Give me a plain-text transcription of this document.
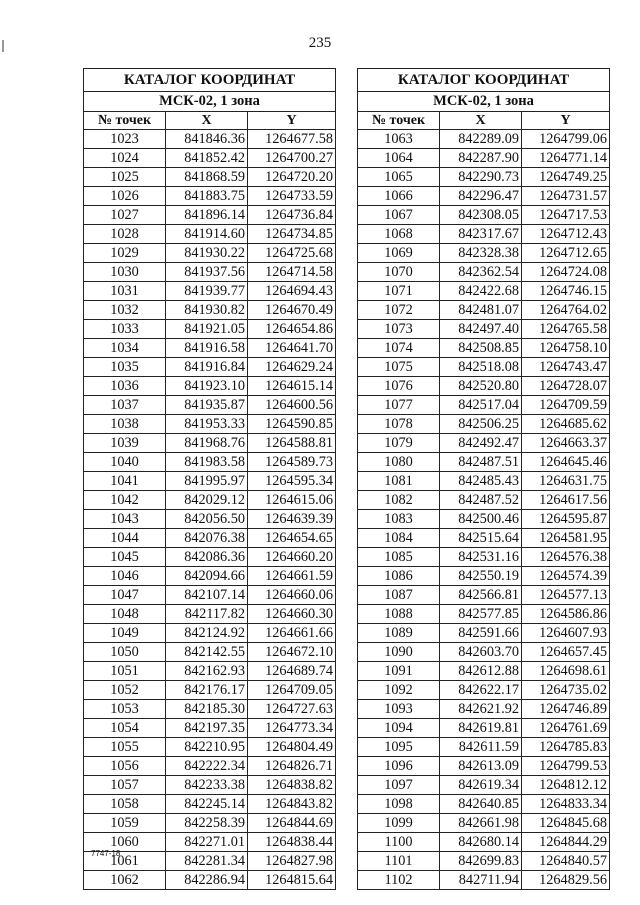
235
КАТАЛОГ КООРДИНАТ		
МСК-02, 1 зона		
№ точек	X	Y
1023	841846.36	1264677.58
1024	841852.42	1264700.27
1025	841868.59	1264720.20
1026	841883.75	1264733.59
1027	841896.14	1264736.84
1028	841914.60	1264734.85
1029	841930.22	1264725.68
1030	841937.56	1264714.58
1031	841939.77	1264694.43
1032	841930.82	1264670.49
1033	841921.05	1264654.86
1034	841916.58	1264641.70
1035	841916.84	1264629.24
1036	841923.10	1264615.14
1037	841935.87	1264600.56
1038	841953.33	1264590.85
1039	841968.76	1264588.81
1040	841983.58	1264589.73
1041	841995.97	1264595.34
1042	842029.12	1264615.06
1043	842056.50	1264639.39
1044	842076.38	1264654.65
1045	842086.36	1264660.20
1046	842094.66	1264661.59
1047	842107.14	1264660.06
1048	842117.82	1264660.30
1049	842124.92	1264661.66
1050	842142.55	1264672.10
1051	842162.93	1264689.74
1052	842176.17	1264709.05
1053	842185.30	1264727.63
1054	842197.35	1264773.34
1055	842210.95	1264804.49
1056	842222.34	1264826.71
1057	842233.38	1264838.82
1058	842245.14	1264843.82
1059	842258.39	1264844.69
1060	842271.01	1264838.44
1061	842281.34	1264827.98
1062	842286.94	1264815.64
КАТАЛОГ КООРДИНАТ		
МСК-02, 1 зона		
№ точек	X	Y
1063	842289.09	1264799.06
1064	842287.90	1264771.14
1065	842290.73	1264749.25
1066	842296.47	1264731.57
1067	842308.05	1264717.53
1068	842317.67	1264712.43
1069	842328.38	1264712.65
1070	842362.54	1264724.08
1071	842422.68	1264746.15
1072	842481.07	1264764.02
1073	842497.40	1264765.58
1074	842508.85	1264758.10
1075	842518.08	1264743.47
1076	842520.80	1264728.07
1077	842517.04	1264709.59
1078	842506.25	1264685.62
1079	842492.47	1264663.37
1080	842487.51	1264645.46
1081	842485.43	1264631.75
1082	842487.52	1264617.56
1083	842500.46	1264595.87
1084	842515.64	1264581.95
1085	842531.16	1264576.38
1086	842550.19	1264574.39
1087	842566.81	1264577.13
1088	842577.85	1264586.86
1089	842591.66	1264607.93
1090	842603.70	1264657.45
1091	842612.88	1264698.61
1092	842622.17	1264735.02
1093	842621.92	1264746.89
1094	842619.81	1264761.69
1095	842611.59	1264785.83
1096	842613.09	1264799.53
1097	842619.34	1264812.12
1098	842640.85	1264833.34
1099	842661.98	1264845.68
1100	842680.14	1264844.29
1101	842699.83	1264840.57
1102	842711.94	1264829.56
7747-18
